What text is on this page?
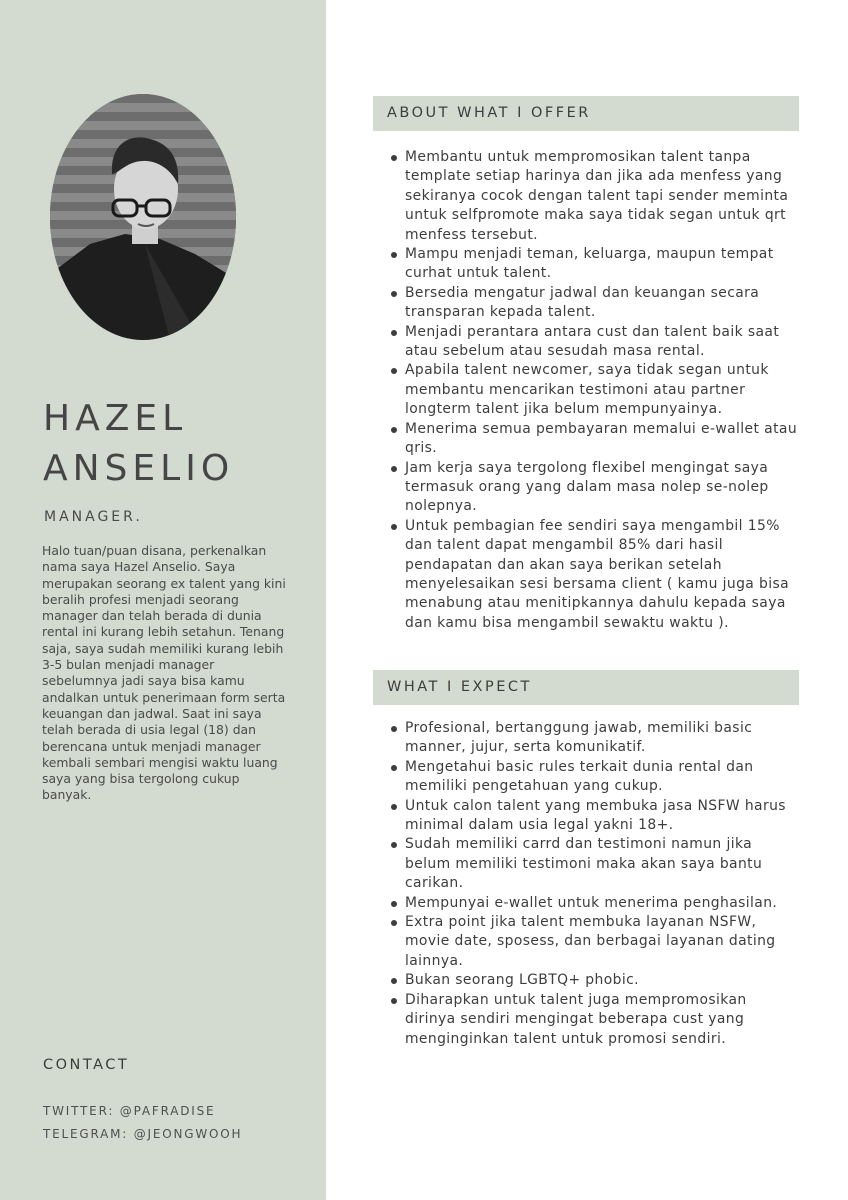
HAZEL
ANSELIO
MANAGER.
Halo tuan/puan disana, perkenalkan nama saya Hazel Anselio. Saya merupakan seorang ex talent yang kini beralih profesi menjadi seorang manager dan telah berada di dunia rental ini kurang lebih setahun. Tenang saja, saya sudah memiliki kurang lebih 3-5 bulan menjadi manager sebelumnya jadi saya bisa kamu andalkan untuk penerimaan form serta keuangan dan jadwal. Saat ini saya telah berada di usia legal (18) dan berencana untuk menjadi manager kembali sembari mengisi waktu luang saya yang bisa tergolong cukup banyak.
CONTACT
TWITTER: @PAFRADISE
TELEGRAM: @JEONGWOOH
ABOUT WHAT I OFFER
Membantu untuk mempromosikan talent tanpa template setiap harinya dan jika ada menfess yang sekiranya cocok dengan talent tapi sender meminta untuk selfpromote maka saya tidak segan untuk qrt menfess tersebut.
Mampu menjadi teman, keluarga, maupun tempat curhat untuk talent.
Bersedia mengatur jadwal dan keuangan secara transparan kepada talent.
Menjadi perantara antara cust dan talent baik saat atau sebelum atau sesudah masa rental.
Apabila talent newcomer, saya tidak segan untuk membantu mencarikan testimoni atau partner longterm talent jika belum mempunyainya.
Menerima semua pembayaran memalui e-wallet atau qris.
Jam kerja saya tergolong flexibel mengingat saya termasuk orang yang dalam masa nolep se-nolep nolepnya.
Untuk pembagian fee sendiri saya mengambil 15% dan talent dapat mengambil 85% dari hasil pendapatan dan akan saya berikan setelah menyelesaikan sesi bersama client ( kamu juga bisa menabung atau menitipkannya dahulu kepada saya dan kamu bisa mengambil sewaktu waktu ).
WHAT I EXPECT
Profesional, bertanggung jawab, memiliki basic manner, jujur, serta komunikatif.
Mengetahui basic rules terkait dunia rental dan memiliki pengetahuan yang cukup.
Untuk calon talent yang membuka jasa NSFW harus minimal dalam usia legal yakni 18+.
Sudah memiliki carrd dan testimoni namun jika belum memiliki testimoni maka akan saya bantu carikan.
Mempunyai e-wallet untuk menerima penghasilan.
Extra point jika talent membuka layanan NSFW, movie date, sposess, dan berbagai layanan dating lainnya.
Bukan seorang LGBTQ+ phobic.
Diharapkan untuk talent juga mempromosikan dirinya sendiri mengingat beberapa cust yang menginginkan talent untuk promosi sendiri.
